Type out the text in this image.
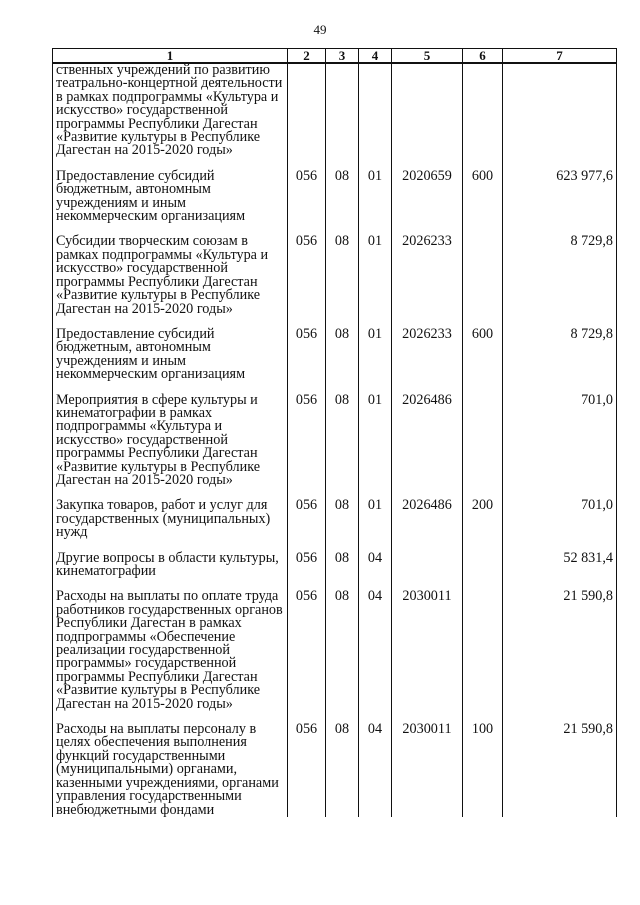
49
1	2	3	4	5	6	7
ственных учреждений по развитию театрально-концертной деятельности в рамках подпрограммы «Культура и искусство» государственной программы Республики Дагестан «Развитие культуры в Республике Дагестан на 2015-2020 годы»						

Предоставление субсидий бюджетным, автономным учреждениям и иным некоммерческим организациям	056	08	01	2020659	600	623 977,6

Субсидии творческим союзам в рамках подпрограммы «Культура и искусство» государственной программы Республики Дагестан «Развитие культуры в Республике Дагестан на 2015-2020 годы»	056	08	01	2026233		8 729,8

Предоставление субсидий бюджетным, автономным учреждениям и иным некоммерческим организациям	056	08	01	2026233	600	8 729,8

Мероприятия в сфере культуры и кинематографии в рамках подпрограммы «Культура и искусство» государственной программы Республики Дагестан «Развитие культуры в Республике Дагестан на 2015-2020 годы»	056	08	01	2026486		701,0

Закупка товаров, работ и услуг для государственных (муниципальных) нужд	056	08	01	2026486	200	701,0

Другие вопросы в области культуры, кинематографии	056	08	04			52 831,4

Расходы на выплаты по оплате труда работников государственных органов Республики Дагестан в рамках подпрограммы «Обеспечение реализации государственной программы» государственной программы Республики Дагестан «Развитие культуры в Республике Дагестан на 2015-2020 годы»	056	08	04	2030011		21 590,8

Расходы на выплаты персоналу в целях обеспечения выполнения функций государственными (муниципальными) органами, казенными учреждениями, органами управления государственными внебюджетными фондами	056	08	04	2030011	100	21 590,8
